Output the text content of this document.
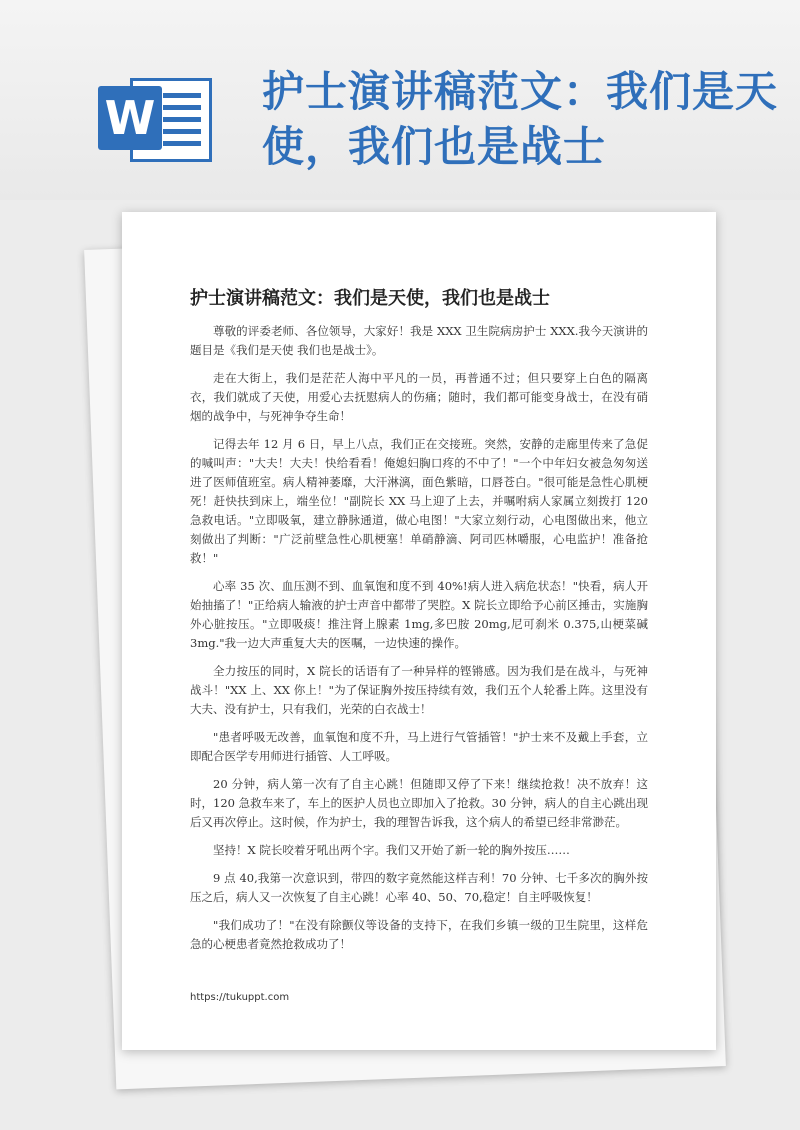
W	护士演讲稿范文：我们是天使，我们也是战士
护士演讲稿范文：我们是天使，我们也是战士

尊敬的评委老师、各位领导，大家好！我是 XXX 卫生院病房护士 XXX.我今天演讲的题目是《我们是天使 我们也是战士》。

走在大街上，我们是茫茫人海中平凡的一员，再普通不过；但只要穿上白色的隔离衣，我们就成了天使，用爱心去抚慰病人的伤痛；随时，我们都可能变身战士，在没有硝烟的战争中，与死神争夺生命！

记得去年 12 月 6 日，早上八点，我们正在交接班。突然，安静的走廊里传来了急促的喊叫声："大夫！大夫！快给看看！俺媳妇胸口疼的不中了！"一个中年妇女被急匆匆送进了医师值班室。病人精神萎靡，大汗淋漓，面色紫暗，口唇苍白。"很可能是急性心肌梗死！赶快扶到床上，端坐位！"副院长 XX 马上迎了上去，并嘱咐病人家属立刻拨打 120 急救电话。"立即吸氧，建立静脉通道，做心电图！"大家立刻行动，心电图做出来，他立刻做出了判断："广泛前壁急性心肌梗塞！单硝静滴、阿司匹林嚼服，心电监护！准备抢救！"

心率 35 次、血压测不到、血氧饱和度不到 40%!病人进入病危状态！"快看，病人开始抽搐了！"正给病人输液的护士声音中都带了哭腔。X 院长立即给予心前区捶击，实施胸外心脏按压。"立即吸痰！推注肾上腺素 1mg,多巴胺 20mg,尼可刹米 0.375,山梗菜碱 3mg."我一边大声重复大夫的医嘱，一边快速的操作。

全力按压的同时，X 院长的话语有了一种异样的铿锵感。因为我们是在战斗，与死神战斗！"XX 上、XX 你上！"为了保证胸外按压持续有效，我们五个人轮番上阵。这里没有大夫、没有护士，只有我们，光荣的白衣战士！

"患者呼吸无改善，血氧饱和度不升，马上进行气管插管！"护士来不及戴上手套，立即配合医学专用师进行插管、人工呼吸。

20 分钟，病人第一次有了自主心跳！但随即又停了下来！继续抢救！决不放弃！这时，120 急救车来了，车上的医护人员也立即加入了抢救。30 分钟，病人的自主心跳出现后又再次停止。这时候，作为护士，我的理智告诉我，这个病人的希望已经非常渺茫。

坚持！X 院长咬着牙吼出两个字。我们又开始了新一轮的胸外按压……

9 点 40,我第一次意识到，带四的数字竟然能这样吉利！70 分钟、七千多次的胸外按压之后，病人又一次恢复了自主心跳！心率 40、50、70,稳定！自主呼吸恢复！

"我们成功了！"在没有除颤仪等设备的支持下，在我们乡镇一级的卫生院里，这样危急的心梗患者竟然抢救成功了！

https://tukuppt.com
